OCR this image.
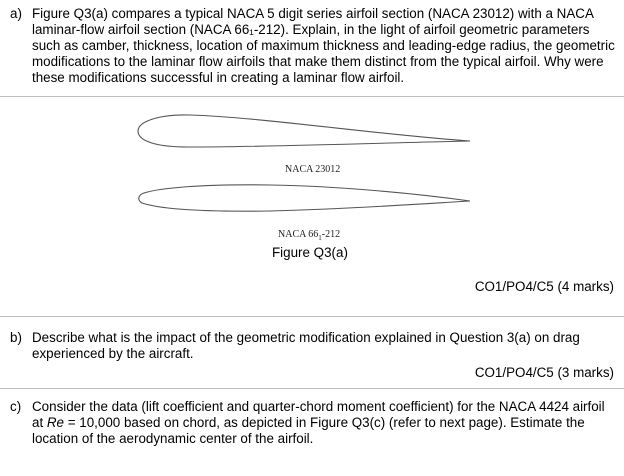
a) Figure Q3(a) compares a typical NACA 5 digit series airfoil section (NACA 23012) with a NACA laminar-flow airfoil section (NACA 66₁-212). Explain, in the light of airfoil geometric parameters such as camber, thickness, location of maximum thickness and leading-edge radius, the geometric modifications to the laminar flow airfoils that make them distinct from the typical airfoil. Why were these modifications successful in creating a laminar flow airfoil.
NACA 23012
NACA $66_1-212$
Figure Q3(a)
CO1/PO4/C5 (4 marks)
b) Describe what is the impact of the geometric modification explained in Question 3(a) on drag experienced by the aircraft.
CO1/PO4/C5 (3 marks)
c) Consider the data (lift coefficient and quarter-chord moment coefficient) for the NACA 4424 airfoil at Re = 10,000 based on chord, as depicted in Figure Q3(c) (refer to next page). Estimate the location of the aerodynamic center of the airfoil.
